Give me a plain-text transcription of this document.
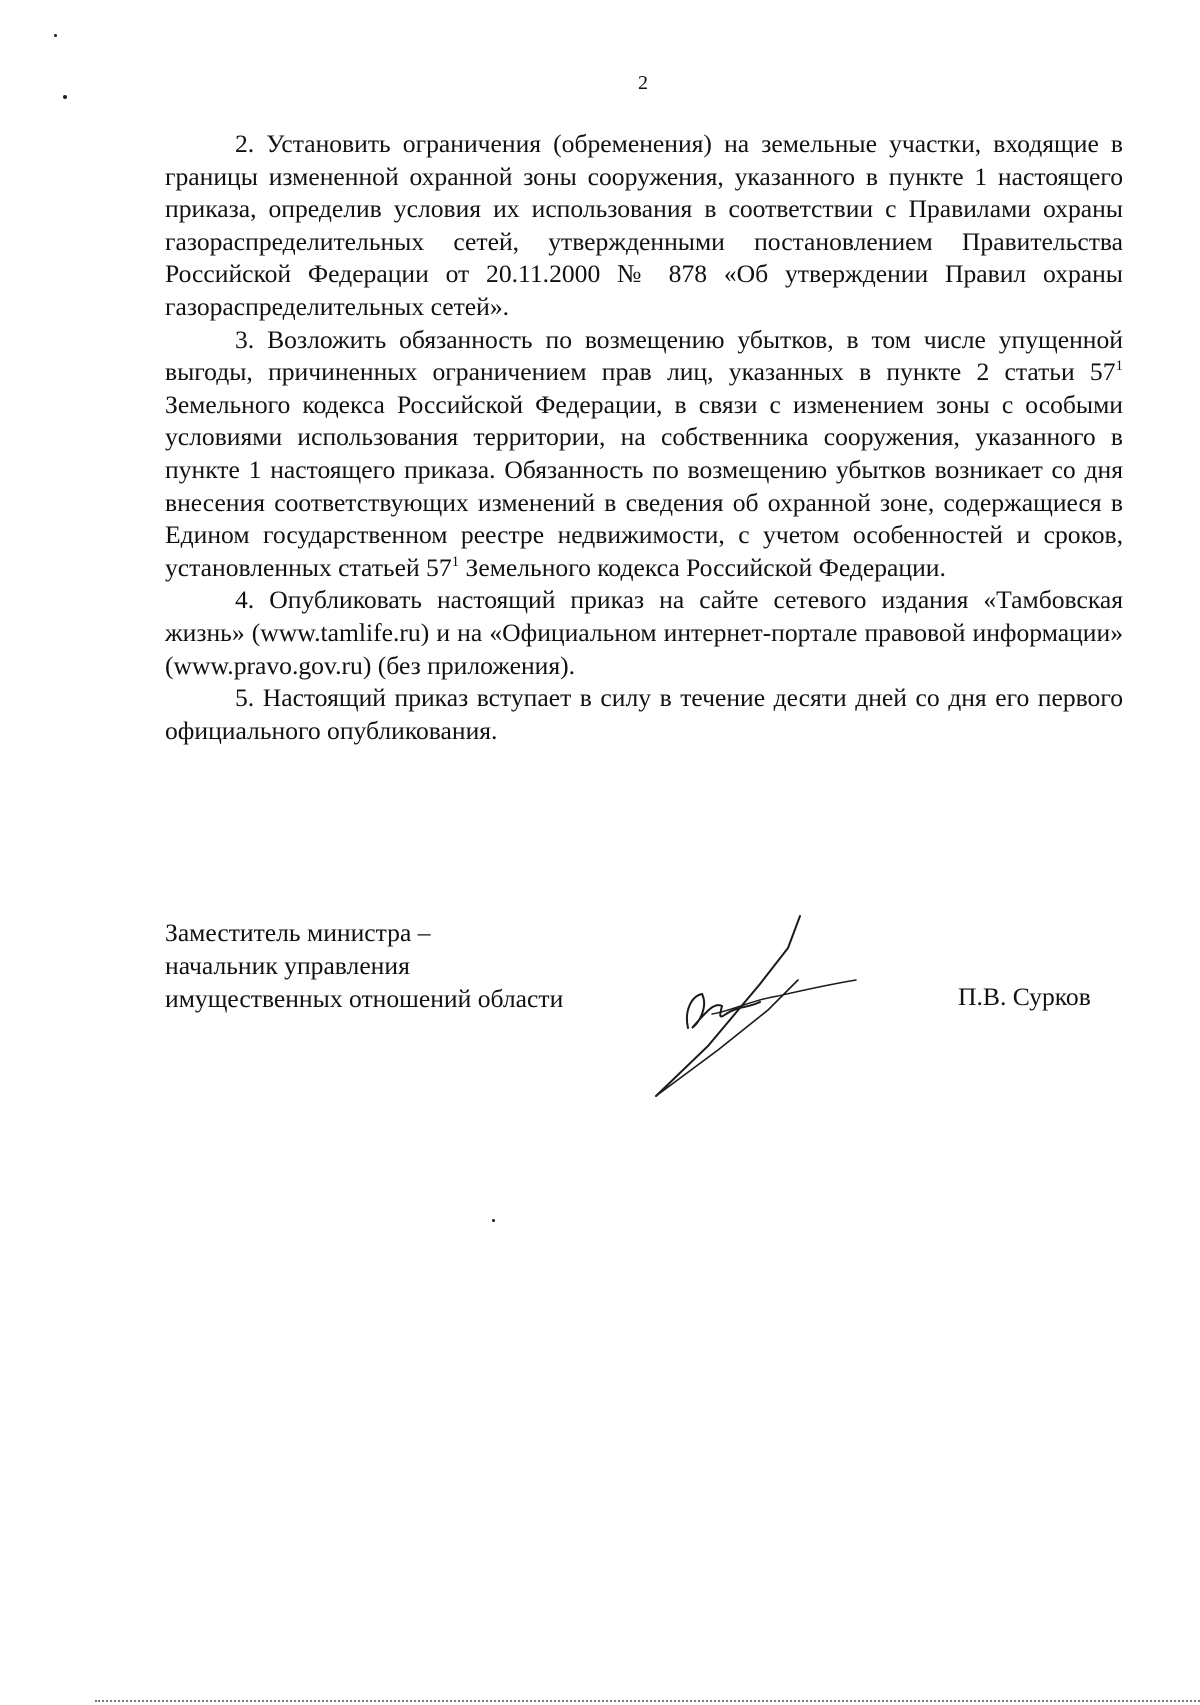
2

2. Установить ограничения (обременения) на земельные участки, входящие в границы измененной охранной зоны сооружения, указанного в пункте 1 настоящего приказа, определив условия их использования в соответствии с Правилами охраны газораспределительных сетей, утвержденными постановлением Правительства Российской Федерации от 20.11.2000 № 878 «Об утверждении Правил охраны газораспределительных сетей».

3. Возложить обязанность по возмещению убытков, в том числе упущенной выгоды, причиненных ограничением прав лиц, указанных в пункте 2 статьи $57^1$ Земельного кодекса Российской Федерации, в связи с изменением зоны с особыми условиями использования территории, на собственника сооружения, указанного в пункте 1 настоящего приказа. Обязанность по возмещению убытков возникает со дня внесения соответствующих изменений в сведения об охранной зоне, содержащиеся в Едином государственном реестре недвижимости, с учетом особенностей и сроков, установленных статьей $57^1$ Земельного кодекса Российской Федерации.

4. Опубликовать настоящий приказ на сайте сетевого издания «Тамбовская жизнь» (www.tamlife.ru) и на «Официальном интернет-портале правовой информации» (www.pravo.gov.ru) (без приложения).

5. Настоящий приказ вступает в силу в течение десяти дней со дня его первого официального опубликования.

Заместитель министра –
начальник управления
имущественных отношений области	П.В. Сурков
